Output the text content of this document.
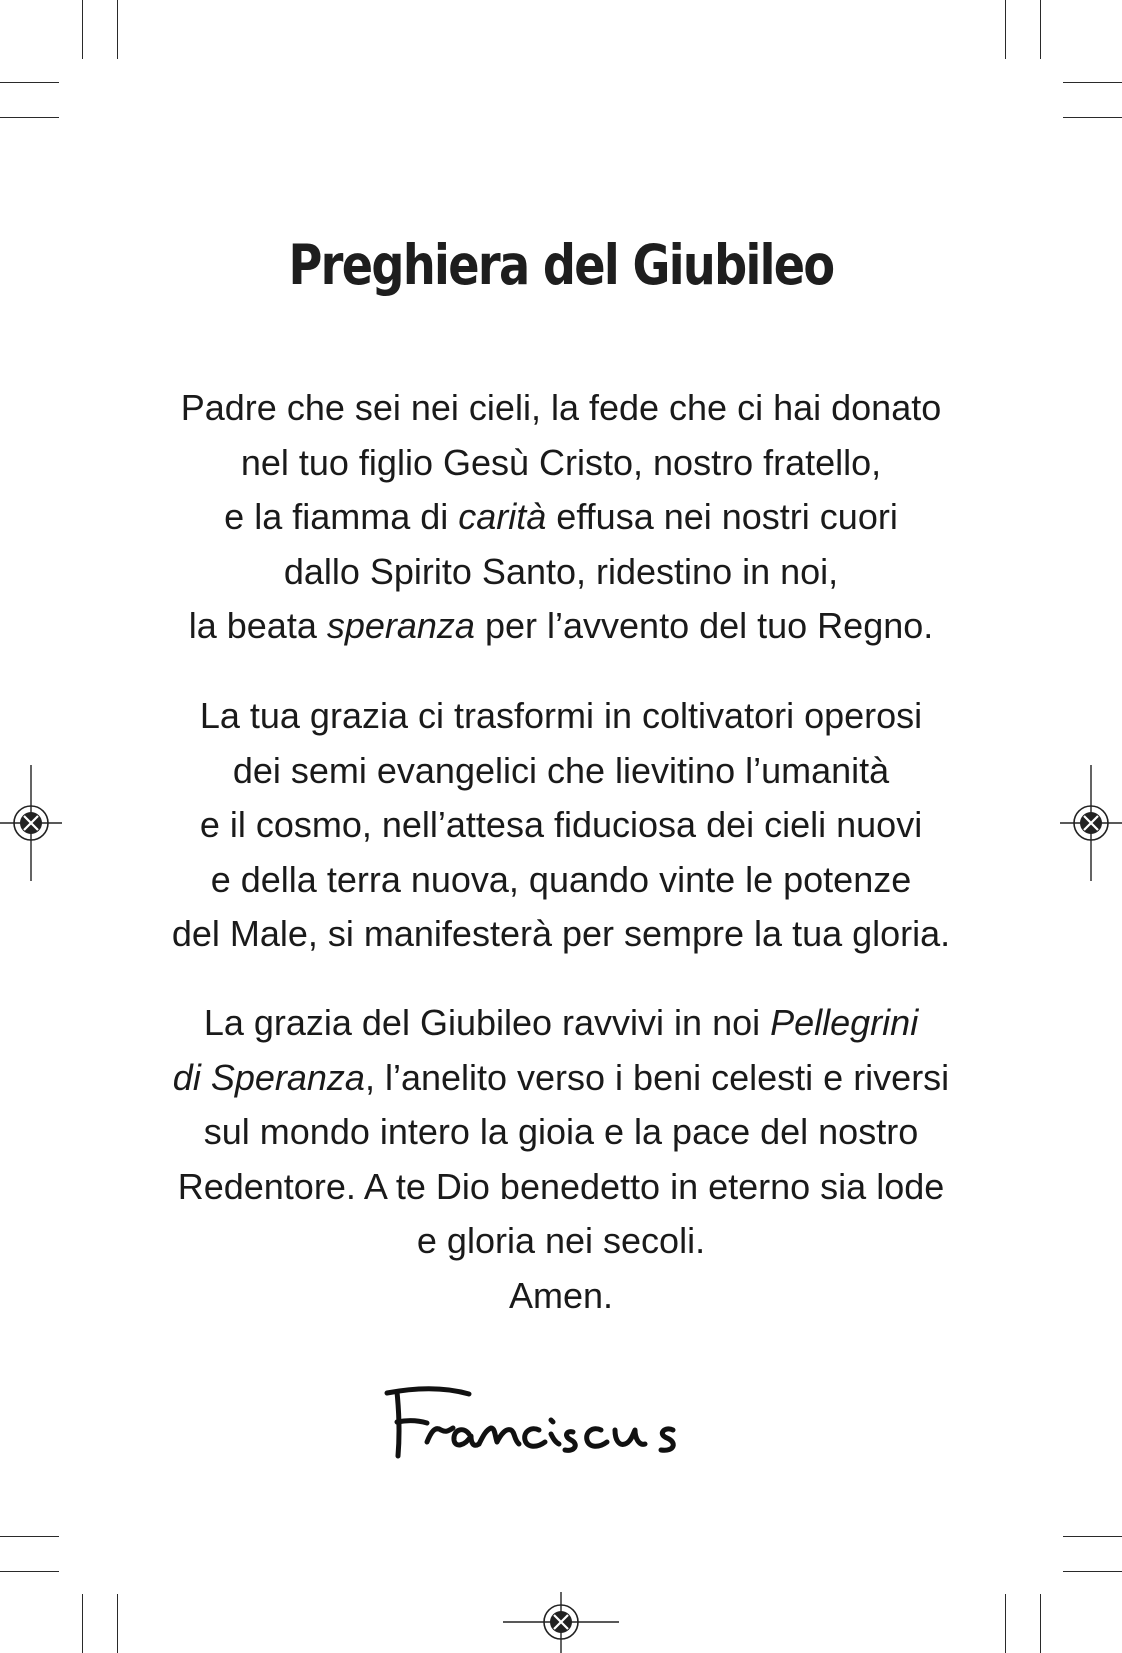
Preghiera del Giubileo
Padre che sei nei cieli, la fede che ci hai donato
nel tuo figlio Gesù Cristo, nostro fratello,
e la fiamma di carità effusa nei nostri cuori
dallo Spirito Santo, ridestino in noi,
la beata speranza per l’avvento del tuo Regno.
La tua grazia ci trasformi in coltivatori operosi
dei semi evangelici che lievitino l’umanità
e il cosmo, nell’attesa fiduciosa dei cieli nuovi
e della terra nuova, quando vinte le potenze
del Male, si manifesterà per sempre la tua gloria.
La grazia del Giubileo ravvivi in noi Pellegrini
di Speranza, l’anelito verso i beni celesti e riversi
sul mondo intero la gioia e la pace del nostro
Redentore. A te Dio benedetto in eterno sia lode
e gloria nei secoli.
Amen.
